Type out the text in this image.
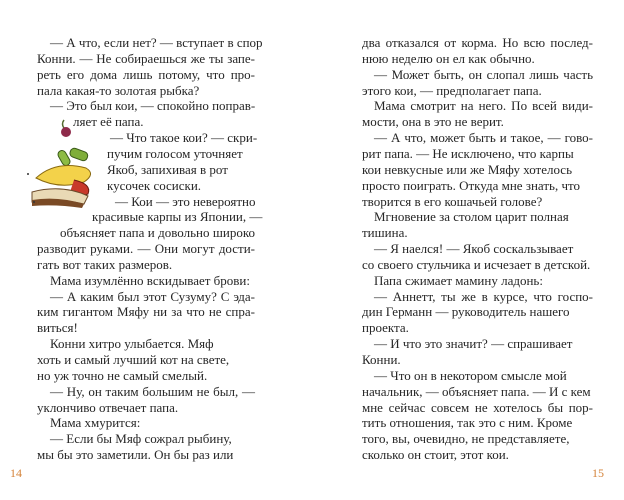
— А что, если нет? — вступает в спор
Конни. — Не собираешься же ты запе-
реть его дома лишь потому, что про-
пала какая-то золотая рыбка?
— Это был кои, — спокойно поправ-
ляет её папа.
— Что такое кои? — скри-
пучим голосом уточняет
Якоб, запихивая в рот
кусочек сосиски.
— Кои — это невероятно
красивые карпы из Японии, —
объясняет папа и довольно широко
разводит руками. — Они могут дости-
гать вот таких размеров.
Мама изумлённо вскидывает брови:
— А каким был этот Сузуму? С эда-
ким гигантом Мяфу ни за что не спра-
виться!
Конни хитро улыбается. Мяф
хоть и самый лучший кот на свете,
но уж точно не самый смелый.
— Ну, он таким большим не был, —
уклончиво отвечает папа.
Мама хмурится:
— Если бы Мяф сожрал рыбину,
мы бы это заметили. Он бы раз или
14
два отказался от корма. Но всю послед-
нюю неделю он ел как обычно.
— Может быть, он слопал лишь часть
этого кои, — предполагает папа.
Мама смотрит на него. По всей види-
мости, она в это не верит.
— А что, может быть и такое, — гово-
рит папа. — Не исключено, что карпы
кои невкусные или же Мяфу хотелось
просто поиграть. Откуда мне знать, что
творится в его кошачьей голове?
Мгновение за столом царит полная
тишина.
— Я наелся! — Якоб соскальзывает
со своего стульчика и исчезает в детской.
Папа сжимает мамину ладонь:
— Аннетт, ты же в курсе, что госпо-
дин Германн — руководитель нашего
проекта.
— И что это значит? — спрашивает
Конни.
— Что он в некотором смысле мой
начальник, — объясняет папа. — И с кем
мне сейчас совсем не хотелось бы пор-
тить отношения, так это с ним. Кроме
того, вы, очевидно, не представляете,
сколько он стоит, этот кои.
15
